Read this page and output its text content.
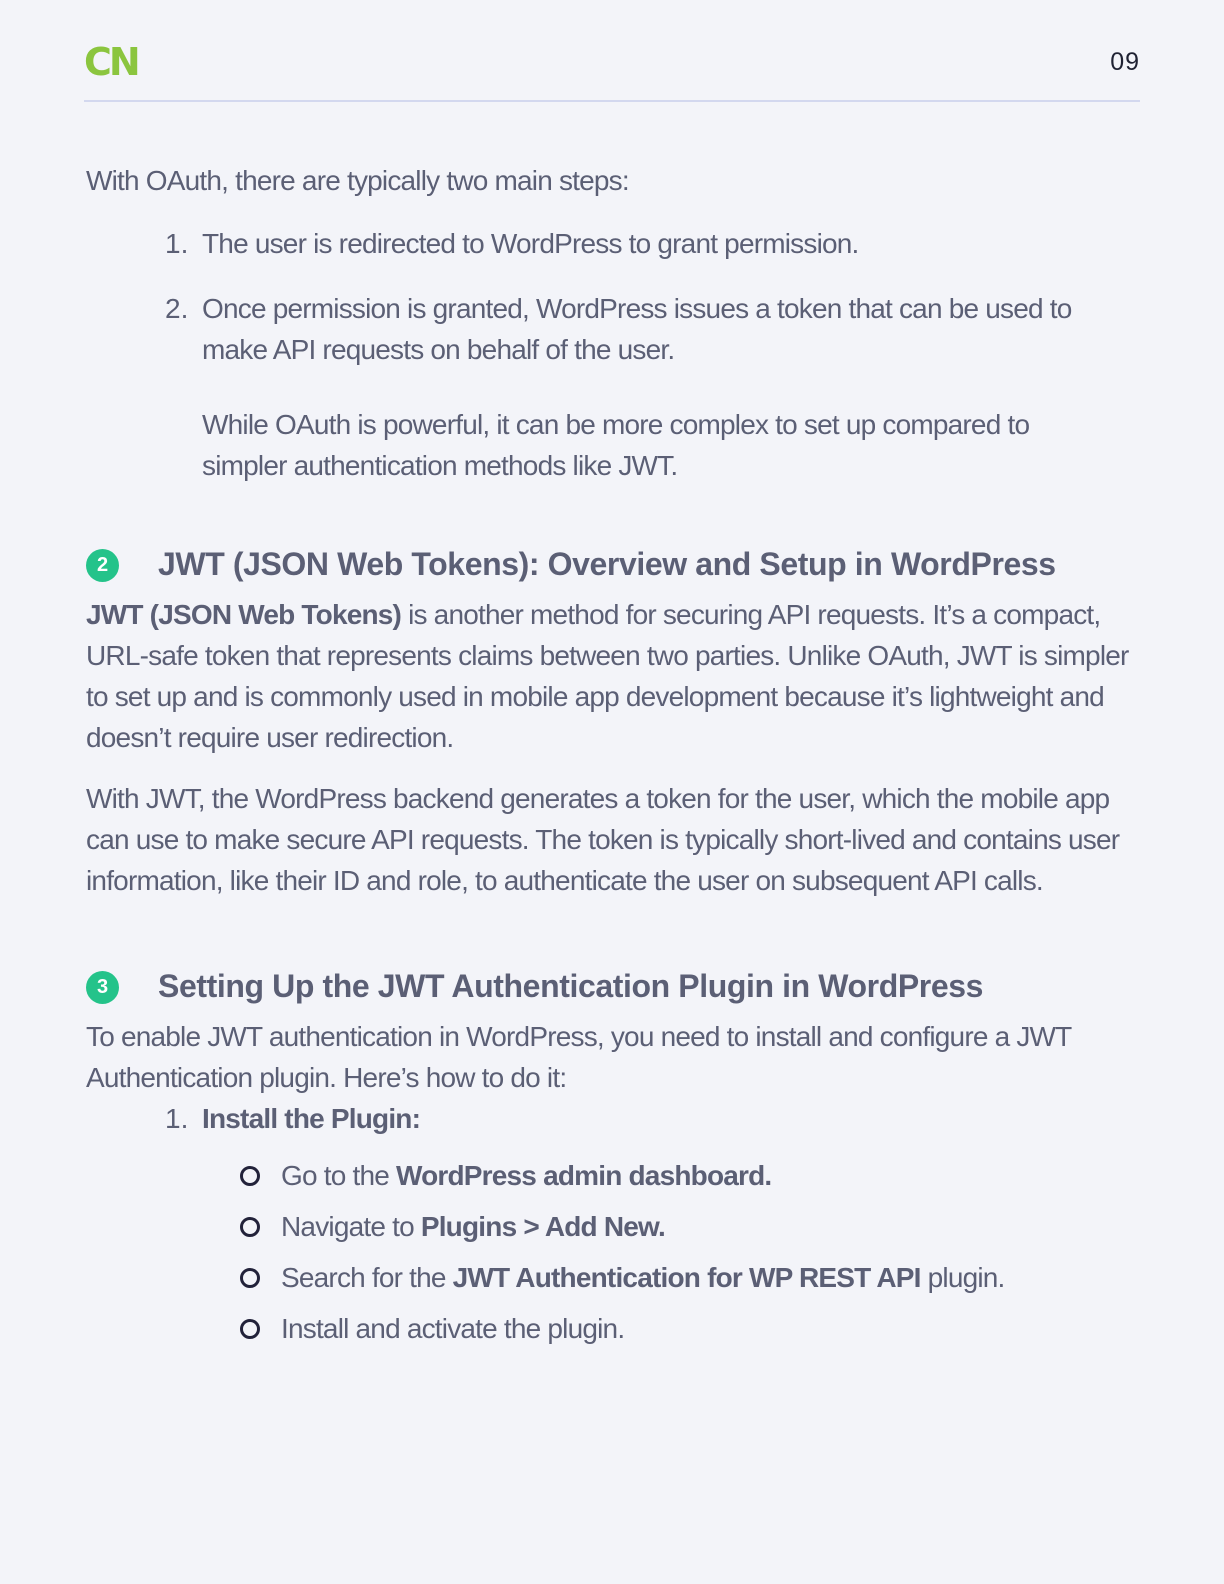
CN	09

With OAuth, there are typically two main steps:

1. The user is redirected to WordPress to grant permission.

2. Once permission is granted, WordPress issues a token that can be used to make API requests on behalf of the user.

While OAuth is powerful, it can be more complex to set up compared to simpler authentication methods like JWT.

2	JWT (JSON Web Tokens): Overview and Setup in WordPress

JWT (JSON Web Tokens) is another method for securing API requests. It’s a compact, URL-safe token that represents claims between two parties. Unlike OAuth, JWT is simpler to set up and is commonly used in mobile app development because it’s lightweight and doesn’t require user redirection.

With JWT, the WordPress backend generates a token for the user, which the mobile app can use to make secure API requests. The token is typically short-lived and contains user information, like their ID and role, to authenticate the user on subsequent API calls.

3	Setting Up the JWT Authentication Plugin in WordPress

To enable JWT authentication in WordPress, you need to install and configure a JWT Authentication plugin. Here’s how to do it:

1. Install the Plugin:

Go to the WordPress admin dashboard.
Navigate to Plugins > Add New.
Search for the JWT Authentication for WP REST API plugin.
Install and activate the plugin.
